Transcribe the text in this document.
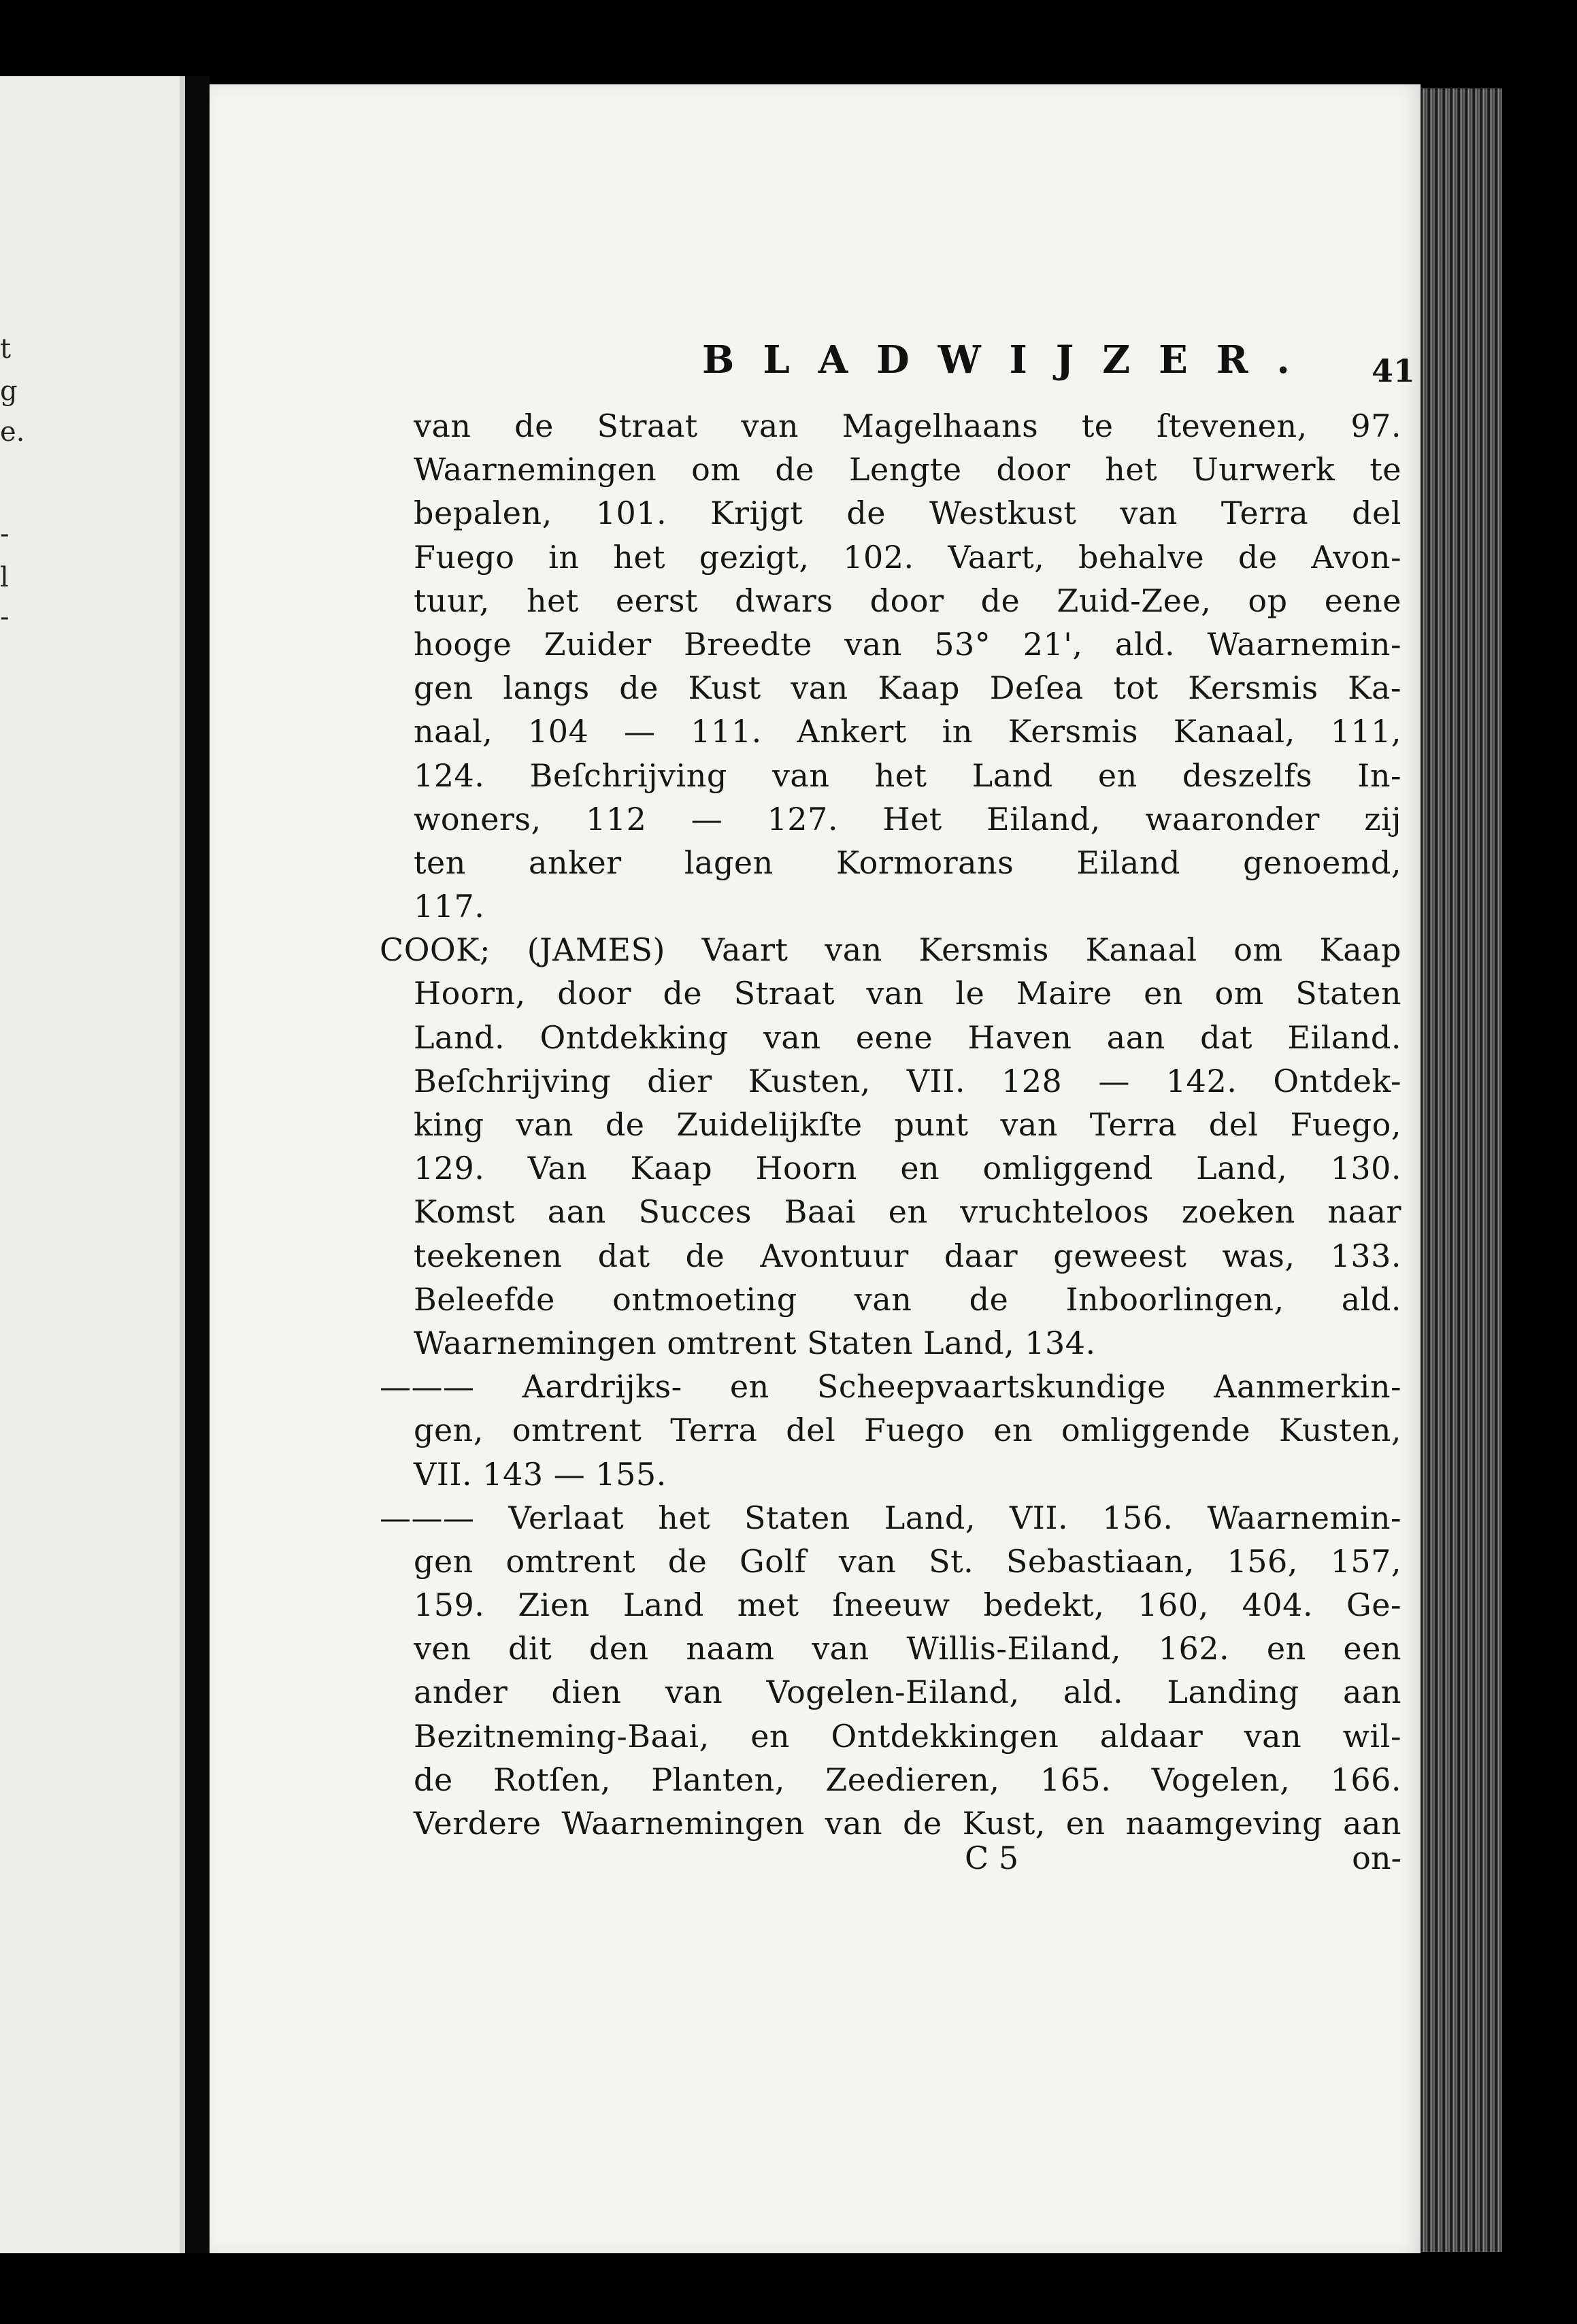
t
g
e.
-
l
-
BLADWIJZER.	41
van de Straat van Magelhaans te ſtevenen, 97.
Waarnemingen om de Lengte door het Uurwerk te
bepalen, 101. Krijgt de Westkust van Terra del
Fuego in het gezigt, 102. Vaart, behalve de Avon-
tuur, het eerst dwars door de Zuid-Zee, op eene
hooge Zuider Breedte van 53° 21', ald. Waarnemin-
gen langs de Kust van Kaap Deſea tot Kersmis Ka-
naal, 104 — 111. Ankert in Kersmis Kanaal, 111,
124. Beſchrijving van het Land en deszelfs In-
woners, 112 — 127. Het Eiland, waaronder zij
ten anker lagen Kormorans Eiland genoemd,
117.
COOK; (JAMES) Vaart van Kersmis Kanaal om Kaap
Hoorn, door de Straat van le Maire en om Staten
Land. Ontdekking van eene Haven aan dat Eiland.
Beſchrijving dier Kusten, VII. 128 — 142. Ontdek-
king van de Zuidelijkſte punt van Terra del Fuego,
129. Van Kaap Hoorn en omliggend Land, 130.
Komst aan Succes Baai en vruchteloos zoeken naar
teekenen dat de Avontuur daar geweest was, 133.
Beleefde ontmoeting van de Inboorlingen, ald.
Waarnemingen omtrent Staten Land, 134.
——— Aardrijks- en Scheepvaartskundige Aanmerkin-
gen, omtrent Terra del Fuego en omliggende Kusten,
VII. 143 — 155.
——— Verlaat het Staten Land, VII. 156. Waarnemin-
gen omtrent de Golf van St. Sebastiaan, 156, 157,
159. Zien Land met ſneeuw bedekt, 160, 404. Ge-
ven dit den naam van Willis-Eiland, 162. en een
ander dien van Vogelen-Eiland, ald. Landing aan
Bezitneming-Baai, en Ontdekkingen aldaar van wil-
de Rotſen, Planten, Zeedieren, 165. Vogelen, 166.
Verdere Waarnemingen van de Kust, en naamgeving aan
C 5	on-
